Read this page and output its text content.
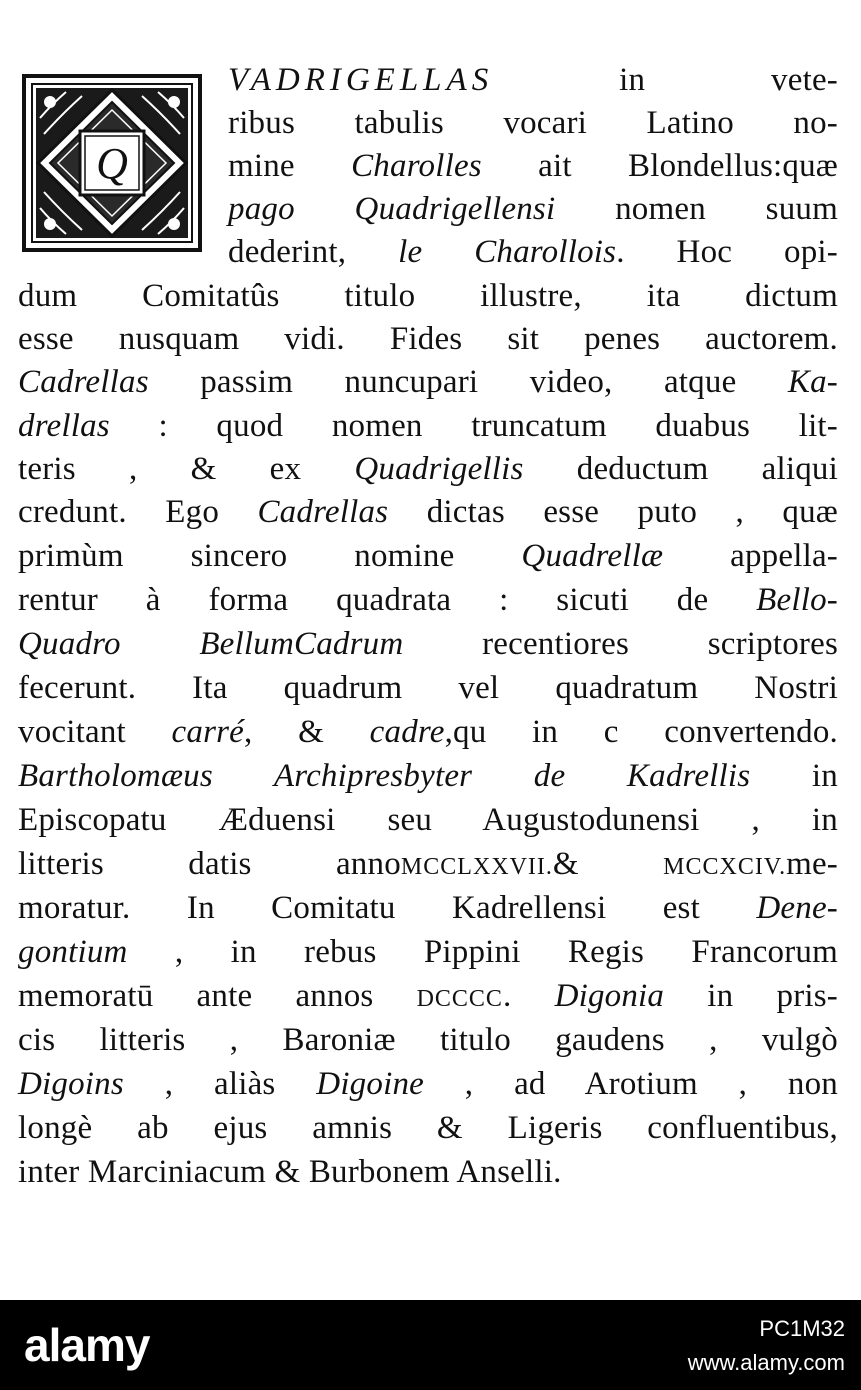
Q
VADRIGELLAS in vete-
ribus tabulis vocari Latino no-
mine Charolles ait Blondellus:quæ
pago Quadrigellensi nomen suum
dederint, le Charollois. Hoc opi-
dum Comitatûs titulo illustre, ita dictum
esse nusquam vidi. Fides sit penes auctorem.
Cadrellas passim nuncupari video, atque Ka-
drellas : quod nomen truncatum duabus lit-
teris , & ex Quadrigellis deductum aliqui
credunt. Ego Cadrellas dictas esse puto , quæ
primùm sincero nomine Quadrellæ appella-
rentur à forma quadrata : sicuti de Bello-
Quadro BellumCadrum recentiores scriptores
fecerunt. Ita quadrum vel quadratum Nostri
vocitant carré, & cadre,qu in c convertendo.
Bartholomæus Archipresbyter de Kadrellis in
Episcopatu Æduensi seu Augustodunensi , in
litteris datis annoMCCLXXVII.& MCCXCIV.me-
moratur. In Comitatu Kadrellensi est Dene-
gontium , in rebus Pippini Regis Francorum
memoratū ante annos DCCCC. Digonia in pris-
cis litteris , Baroniæ titulo gaudens , vulgò
Digoins , aliàs Digoine , ad Arotium , non
longè ab ejus amnis & Ligeris confluentibus,
inter Marciniacum & Burbonem Anselli.
alamy	PC1M32
www.alamy.com
